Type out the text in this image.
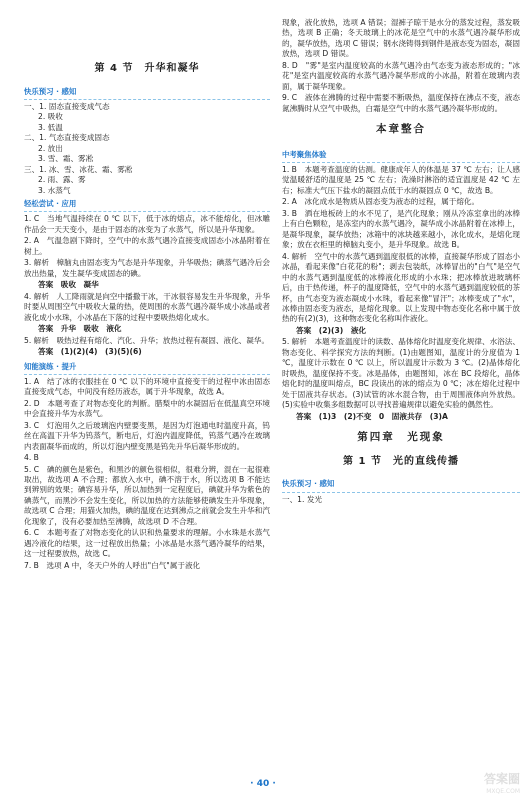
第 4 节　升华和凝华
快乐预习 · 感知
一、1. 固态直接变成气态
2. 吸收
3. 低温
二、1. 气态直接变成固态
2. 放出
3. 雪、霜、雾凇
三、1. 冰、雪、冰花、霜、雾凇
2. 雨、露、雾
3. 水蒸气
轻松尝试 · 应用
1. C　当地气温持续在 0 ℃ 以下，低于冰的熔点，冰不能熔化，但冰雕作品会一天天变小，是由于固态的冰变为了水蒸气，所以是升华现象。
2. A　气温急剧下降时，空气中的水蒸气遇冷直接变成固态小冰晶附着在树上。
3. 解析　樟脑丸由固态变为气态是升华现象，升华吸热；碘蒸气遇冷后会放出热量，发生凝华变成固态的碘。
答案　吸收　凝华
4. 解析　人工降雨就是向空中播撒干冰，干冰很容易发生升华现象，升华时要从周围空气中吸收大量的热，使周围的水蒸气遇冷凝华成小冰晶或者液化成小水珠，小冰晶在下落的过程中要吸热熔化成水。
答案　升华　吸收　液化
5. 解析　吸热过程有熔化、汽化、升华；放热过程有凝固、液化、凝华。
答案　(1)(2)(4)　(3)(5)(6)
知能演练 · 提升
1. A　结了冰的衣服挂在 0 ℃ 以下的环境中直接变干的过程中冰由固态直接变成气态，中间没有经历液态，属于升华现象，故选 A。
2. D　本题考查了对物态变化的判断。腊梨中的水凝固后在低温真空环境中会直接升华为水蒸气。
3. C　灯泡用久之后玻璃泡内壁要变黑，是因为灯泡通电时温度升高，钨丝在高温下升华为钨蒸气，断电后，灯泡内温度降低，钨蒸气遇冷在玻璃内表面凝华而成的，所以灯泡内壁变黑是钨先升华后凝华形成的。
4. B
5. C　碘的颜色是紫色，和黑沙的颜色很相似，很难分辨，混在一起很难取出，故选项 A 不合理；都放入水中，碘不溶于水，所以选项 B 不能达到辨别的效果；碘容易升华，所以加热到一定程度后，碘就升华为紫色的碘蒸气，而黑沙不会发生变化，所以加热的方法能够使碘发生升华现象，故选项 C 合理；用猫火加热，碘的温度在达到沸点之前就会发生升华和汽化现象了，没有必要加热至沸腾，故选项 D 不合理。
6. C　本题考查了对物态变化的认识和热量要求的理解。小水珠是水蒸气遇冷液化的结果，这一过程放出热量；小冰晶是水蒸气遇冷凝华的结果，这一过程要放热，故选 C。
7. B　选项 A 中，冬天户外的人呼出"白气"属于液化
现象，液化放热，选项 A 错误；湿裤子晾干是水分的蒸发过程，蒸发吸热，选项 B 正确；冬天玻璃上的冰花是空气中的水蒸气遇冷凝华形成的，凝华放热，选项 C 错误；钢水浇铸得到钢件是液态变为固态，凝固放热，选项 D 错误。
8. D　"雾"是室内温度较高的水蒸气遇冷由气态变为液态形成的；"冰花"是室内温度较高的水蒸气遇冷凝华形成的小冰晶，附着在玻璃内表面，属于凝华现象。
9. C　液体在沸腾的过程中需要不断吸热，温度保持在沸点不变，液态氮沸腾时从空气中吸热，白霜是空气中的水蒸气遇冷凝华形成的。
本章整合
中考聚焦体验
1. B　本题考查温度的估测。健康成年人的体温是 37 ℃ 左右；让人感觉温暖舒适的温度是 25 ℃ 左右；洗澡时淋浴的适宜温度是 42 ℃ 左右；标准大气压下盐水的凝固点低于水的凝固点 0 ℃，故选 B。
2. A　冰化成水是物质从固态变为液态的过程，属于熔化。
3. B　洒在地板砖上的水不见了，是汽化现象；刚从冷冻室拿出的冰棒上有白色颗粒，是冻室内的水蒸气遇冷，凝华成小冰晶附着在冰棒上，是凝华现象，凝华放热；冰箱中的冰块越来越小，冰化成水，是熔化现象；放在衣柜里的樟脑丸变小，是升华现象。故选 B。
4. 解析　空气中的水蒸气遇到温度很低的冰棒，直接凝华形成了固态小冰晶，看起来像"白花花的粉"；剥去包装纸，冰棒冒出的"白气"是空气中的水蒸气遇到温度低的冰棒液化形成的小水珠；把冰棒放进玻璃杯后，由于热传递，杯子的温度降低，空气中的水蒸气遇到温度较低的茶杯，由气态变为液态凝成小水珠，看起来像"冒汗"；冰棒变成了"水"，冰棒由固态变为液态，是熔化现象。以上发现中物态变化名称中属于放热的有(2)(3)，这种物态变化名称叫作液化。
答案　(2)(3)　液化
5. 解析　本题考查温度计的读数、晶体熔化时温度变化规律、水浴法、物态变化、科学探究方法的判断。(1)由题图知，温度计的分度值为 1 ℃，温度计示数在 0 ℃ 以上，所以温度计示数为 3 ℃。(2)晶体熔化时吸热，温度保持不变。冰是晶体，由题图知，冰在 BC 段熔化，晶体熔化时的温度叫熔点，BC 段读出的冰的熔点为 0 ℃；冰在熔化过程中处于固液共存状态。(3)试管的冰水混合物，由于周围液体向外放热。(5)实验中收集多组数据可以寻找普遍规律以避免实验的偶然性。
答案　(1)3　(2)不变　0　固液共存　(3)A
第四章　光现象
第 1 节　光的直线传播
快乐预习 · 感知
一、1. 发光
· 40 ·	答案圈
MXQE.COM
